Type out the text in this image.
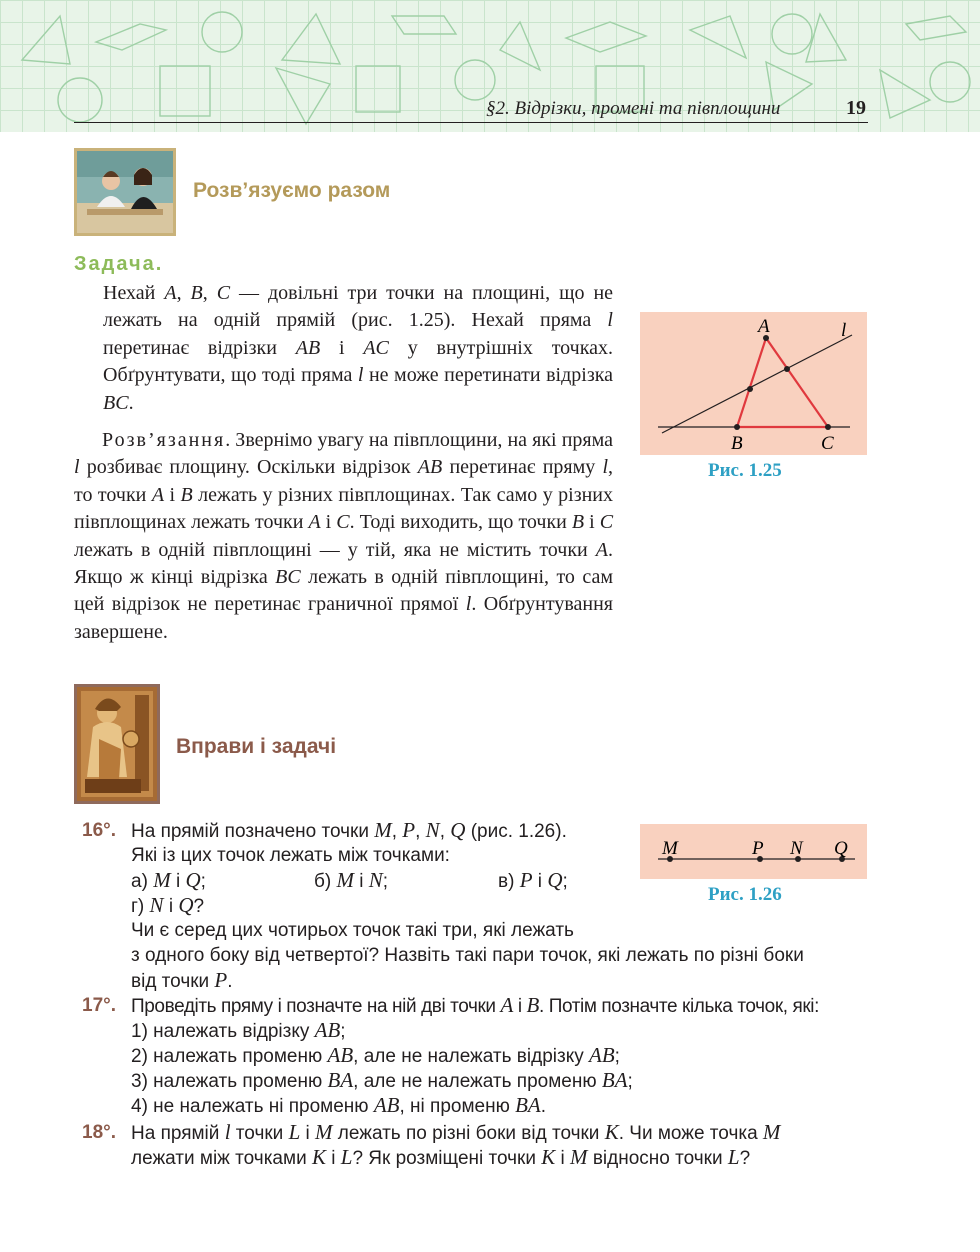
§2. Відрізки, промені та півплощини	19
Розв’язуємо разом
Задача.
Нехай A, B, C — довільні три точки на площині, що не лежать на одній прямій (рис. 1.25). Нехай пряма l перетинає відрізки AB і AC у внутрішніх точках. Обґрунтувати, що тоді пряма l не може перетинати відрізка BC.
Розв’язання. Звернімо увагу на півплощини, на які пряма l розбиває площину. Оскільки відрізок AB перетинає пряму l, то точки A і B лежать у різних півплощинах. Так само у різних півплощинах лежать точки A і C. Тоді виходить, що точки B і C лежать в одній півплощині — у тій, яка не містить точки A. Якщо ж кінці відрізка BC лежать в одній півплощині, то сам цей відрізок не перетинає граничної прямої l. Обґрунтування завершене.
A
B	C
l
Рис. 1.25
Вправи і задачі
M	P N Q
Рис. 1.26
16°. На прямій позначено точки M, P, N, Q (рис. 1.26).
Які із цих точок лежать між точками:
а) M і Q;	б) M і N;	в) P і Q;
г) N і Q?
Чи є серед цих чотирьох точок такі три, які лежать
з одного боку від четвертої? Назвіть такі пари точок, які лежать по різні боки
від точки P.
17°. Проведіть пряму і позначте на ній дві точки A і B. Потім позначте кілька точок, які:
1) належать відрізку AB;
2) належать променю AB, але не належать відрізку AB;
3) належать променю BA, але не належать променю BA;
4) не належать ні променю AB, ні променю BA.
18°. На прямій l точки L і M лежать по різні боки від точки K. Чи може точка M
лежати між точками K і L? Як розміщені точки K і M відносно точки L?
